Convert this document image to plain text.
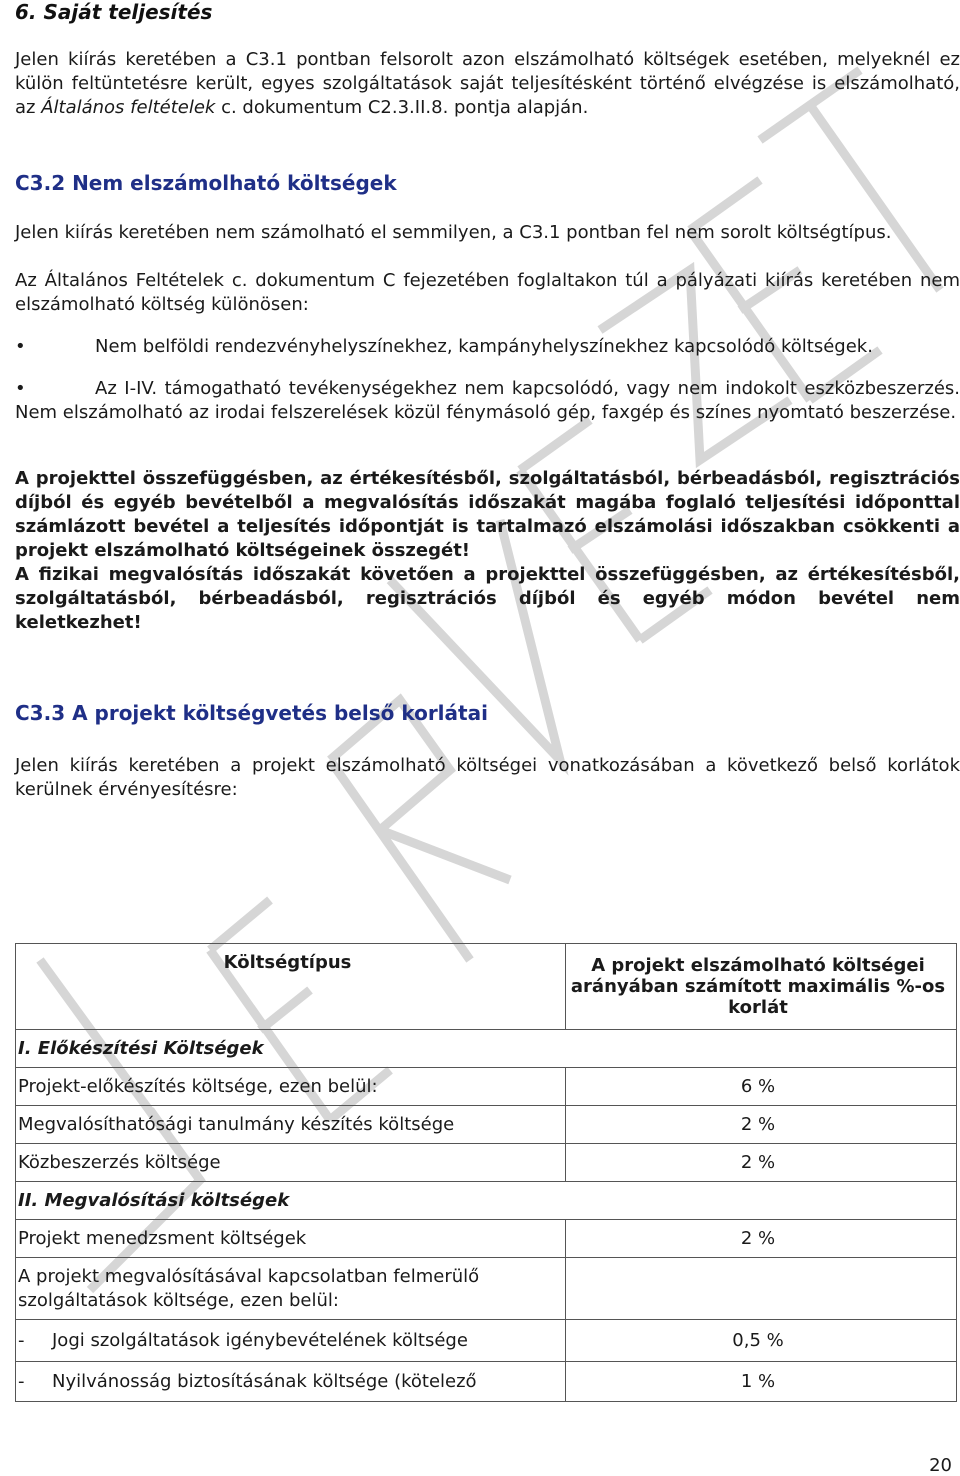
6. Saját teljesítés

Jelen kiírás keretében a C3.1 pontban felsorolt azon elszámolható költségek esetében, melyeknél ez külön feltüntetésre került, egyes szolgáltatások saját teljesítésként történő elvégzése is elszámolható, az Általános feltételek c. dokumentum C2.3.II.8. pontja alapján.

C3.2 Nem elszámolható költségek

Jelen kiírás keretében nem számolható el semmilyen, a C3.1 pontban fel nem sorolt költségtípus.

Az Általános Feltételek c. dokumentum C fejezetében foglaltakon túl a pályázati kiírás keretében nem elszámolható költség különösen:

•	Nem belföldi rendezvényhelyszínekhez, kampányhelyszínekhez kapcsolódó költségek.

•	Az I-IV. támogatható tevékenységekhez nem kapcsolódó, vagy nem indokolt eszközbeszerzés. Nem elszámolható az irodai felszerelések közül fénymásoló gép, faxgép és színes nyomtató beszerzése.

A projekttel összefüggésben, az értékesítésből, szolgáltatásból, bérbeadásból, regisztrációs díjból és egyéb bevételből a megvalósítás időszakát magába foglaló teljesítési időponttal számlázott bevétel a teljesítés időpontját is tartalmazó elszámolási időszakban csökkenti a projekt elszámolható költségeinek összegét!

A fizikai megvalósítás időszakát követően a projekttel összefüggésben, az értékesítésből, szolgáltatásból, bérbeadásból, regisztrációs díjból és egyéb módon bevétel nem keletkezhet!

C3.3 A projekt költségvetés belső korlátai

Jelen kiírás keretében a projekt elszámolható költségei vonatkozásában a következő belső korlátok kerülnek érvényesítésre:

Költségtípus	A projekt elszámolható költségei arányában számított maximális %-os korlát
I. Előkészítési Költségek	
Projekt-előkészítés költsége, ezen belül:	6 %
Megvalósíthatósági tanulmány készítés költsége	2 %
Közbeszerzés költsége	2 %
II. Megvalósítási költségek	
Projekt menedzsment költségek	2 %
A projekt megvalósításával kapcsolatban felmerülő szolgáltatások költsége, ezen belül:	
- Jogi szolgáltatások igénybevételének költsége	0,5 %
- Nyilvánosság biztosításának költsége (kötelező	1 %
20
